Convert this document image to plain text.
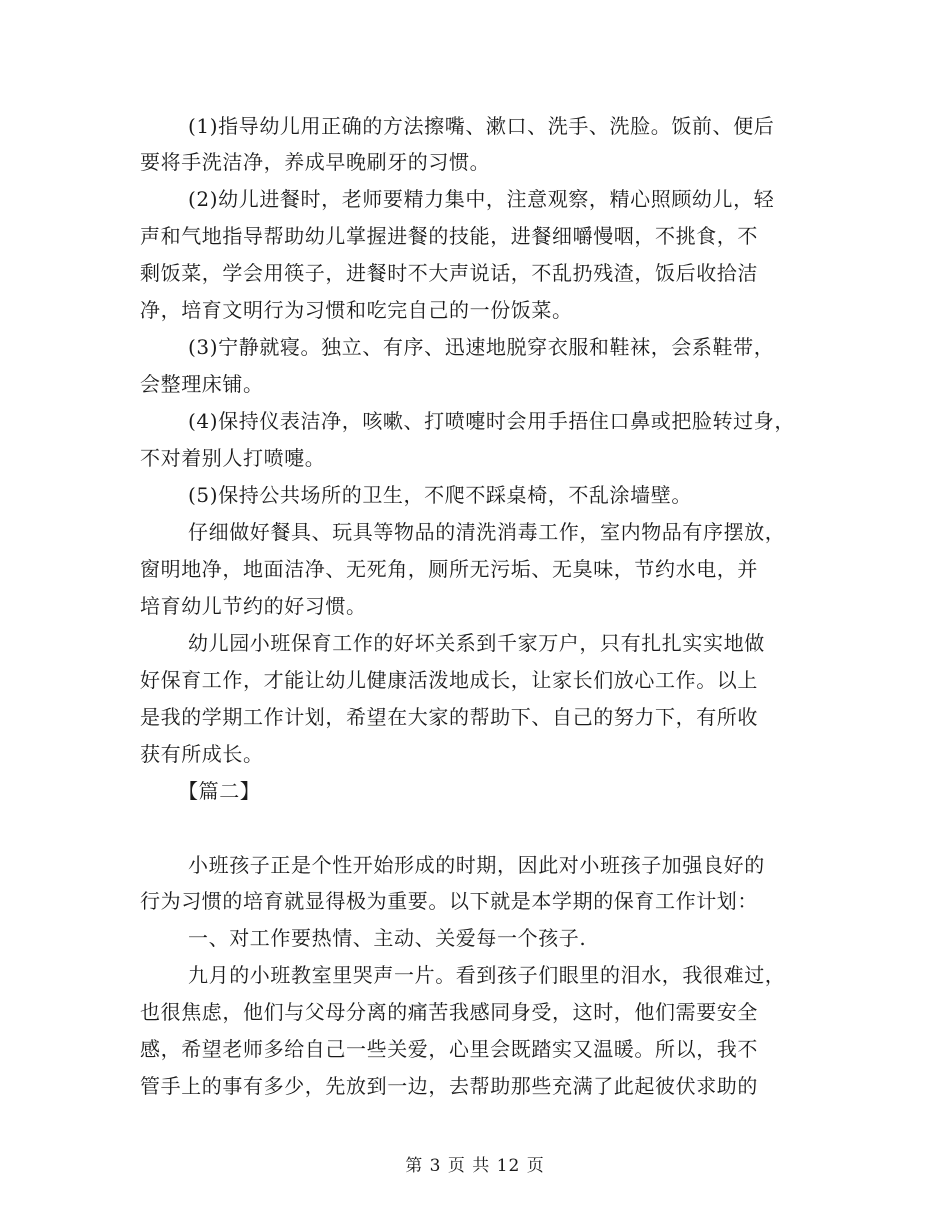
(1)指导幼儿用正确的方法擦嘴、漱口、洗手、洗脸。饭前、便后
要将手洗洁净，养成早晚刷牙的习惯。
(2)幼儿进餐时，老师要精力集中，注意观察，精心照顾幼儿，轻
声和气地指导帮助幼儿掌握进餐的技能，进餐细嚼慢咽，不挑食，不
剩饭菜，学会用筷子，进餐时不大声说话，不乱扔残渣，饭后收拾洁
净，培育文明行为习惯和吃完自己的一份饭菜。
(3)宁静就寝。独立、有序、迅速地脱穿衣服和鞋袜，会系鞋带，
会整理床铺。
(4)保持仪表洁净，咳嗽、打喷嚏时会用手捂住口鼻或把脸转过身，
不对着别人打喷嚏。
(5)保持公共场所的卫生，不爬不踩桌椅，不乱涂墙壁。
仔细做好餐具、玩具等物品的清洗消毒工作，室内物品有序摆放，
窗明地净，地面洁净、无死角，厕所无污垢、无臭味，节约水电，并
培育幼儿节约的好习惯。
幼儿园小班保育工作的好坏关系到千家万户，只有扎扎实实地做
好保育工作，才能让幼儿健康活泼地成长，让家长们放心工作。以上
是我的学期工作计划，希望在大家的帮助下、自己的努力下，有所收
获有所成长。
【篇二】
小班孩子正是个性开始形成的时期，因此对小班孩子加强良好的
行为习惯的培育就显得极为重要。以下就是本学期的保育工作计划：
一、对工作要热情、主动、关爱每一个孩子.
九月的小班教室里哭声一片。看到孩子们眼里的泪水，我很难过，
也很焦虑，他们与父母分离的痛苦我感同身受，这时，他们需要安全
感，希望老师多给自己一些关爱，心里会既踏实又温暖。所以，我不
管手上的事有多少，先放到一边，去帮助那些充满了此起彼伏求助的
第 3 页 共 12 页
